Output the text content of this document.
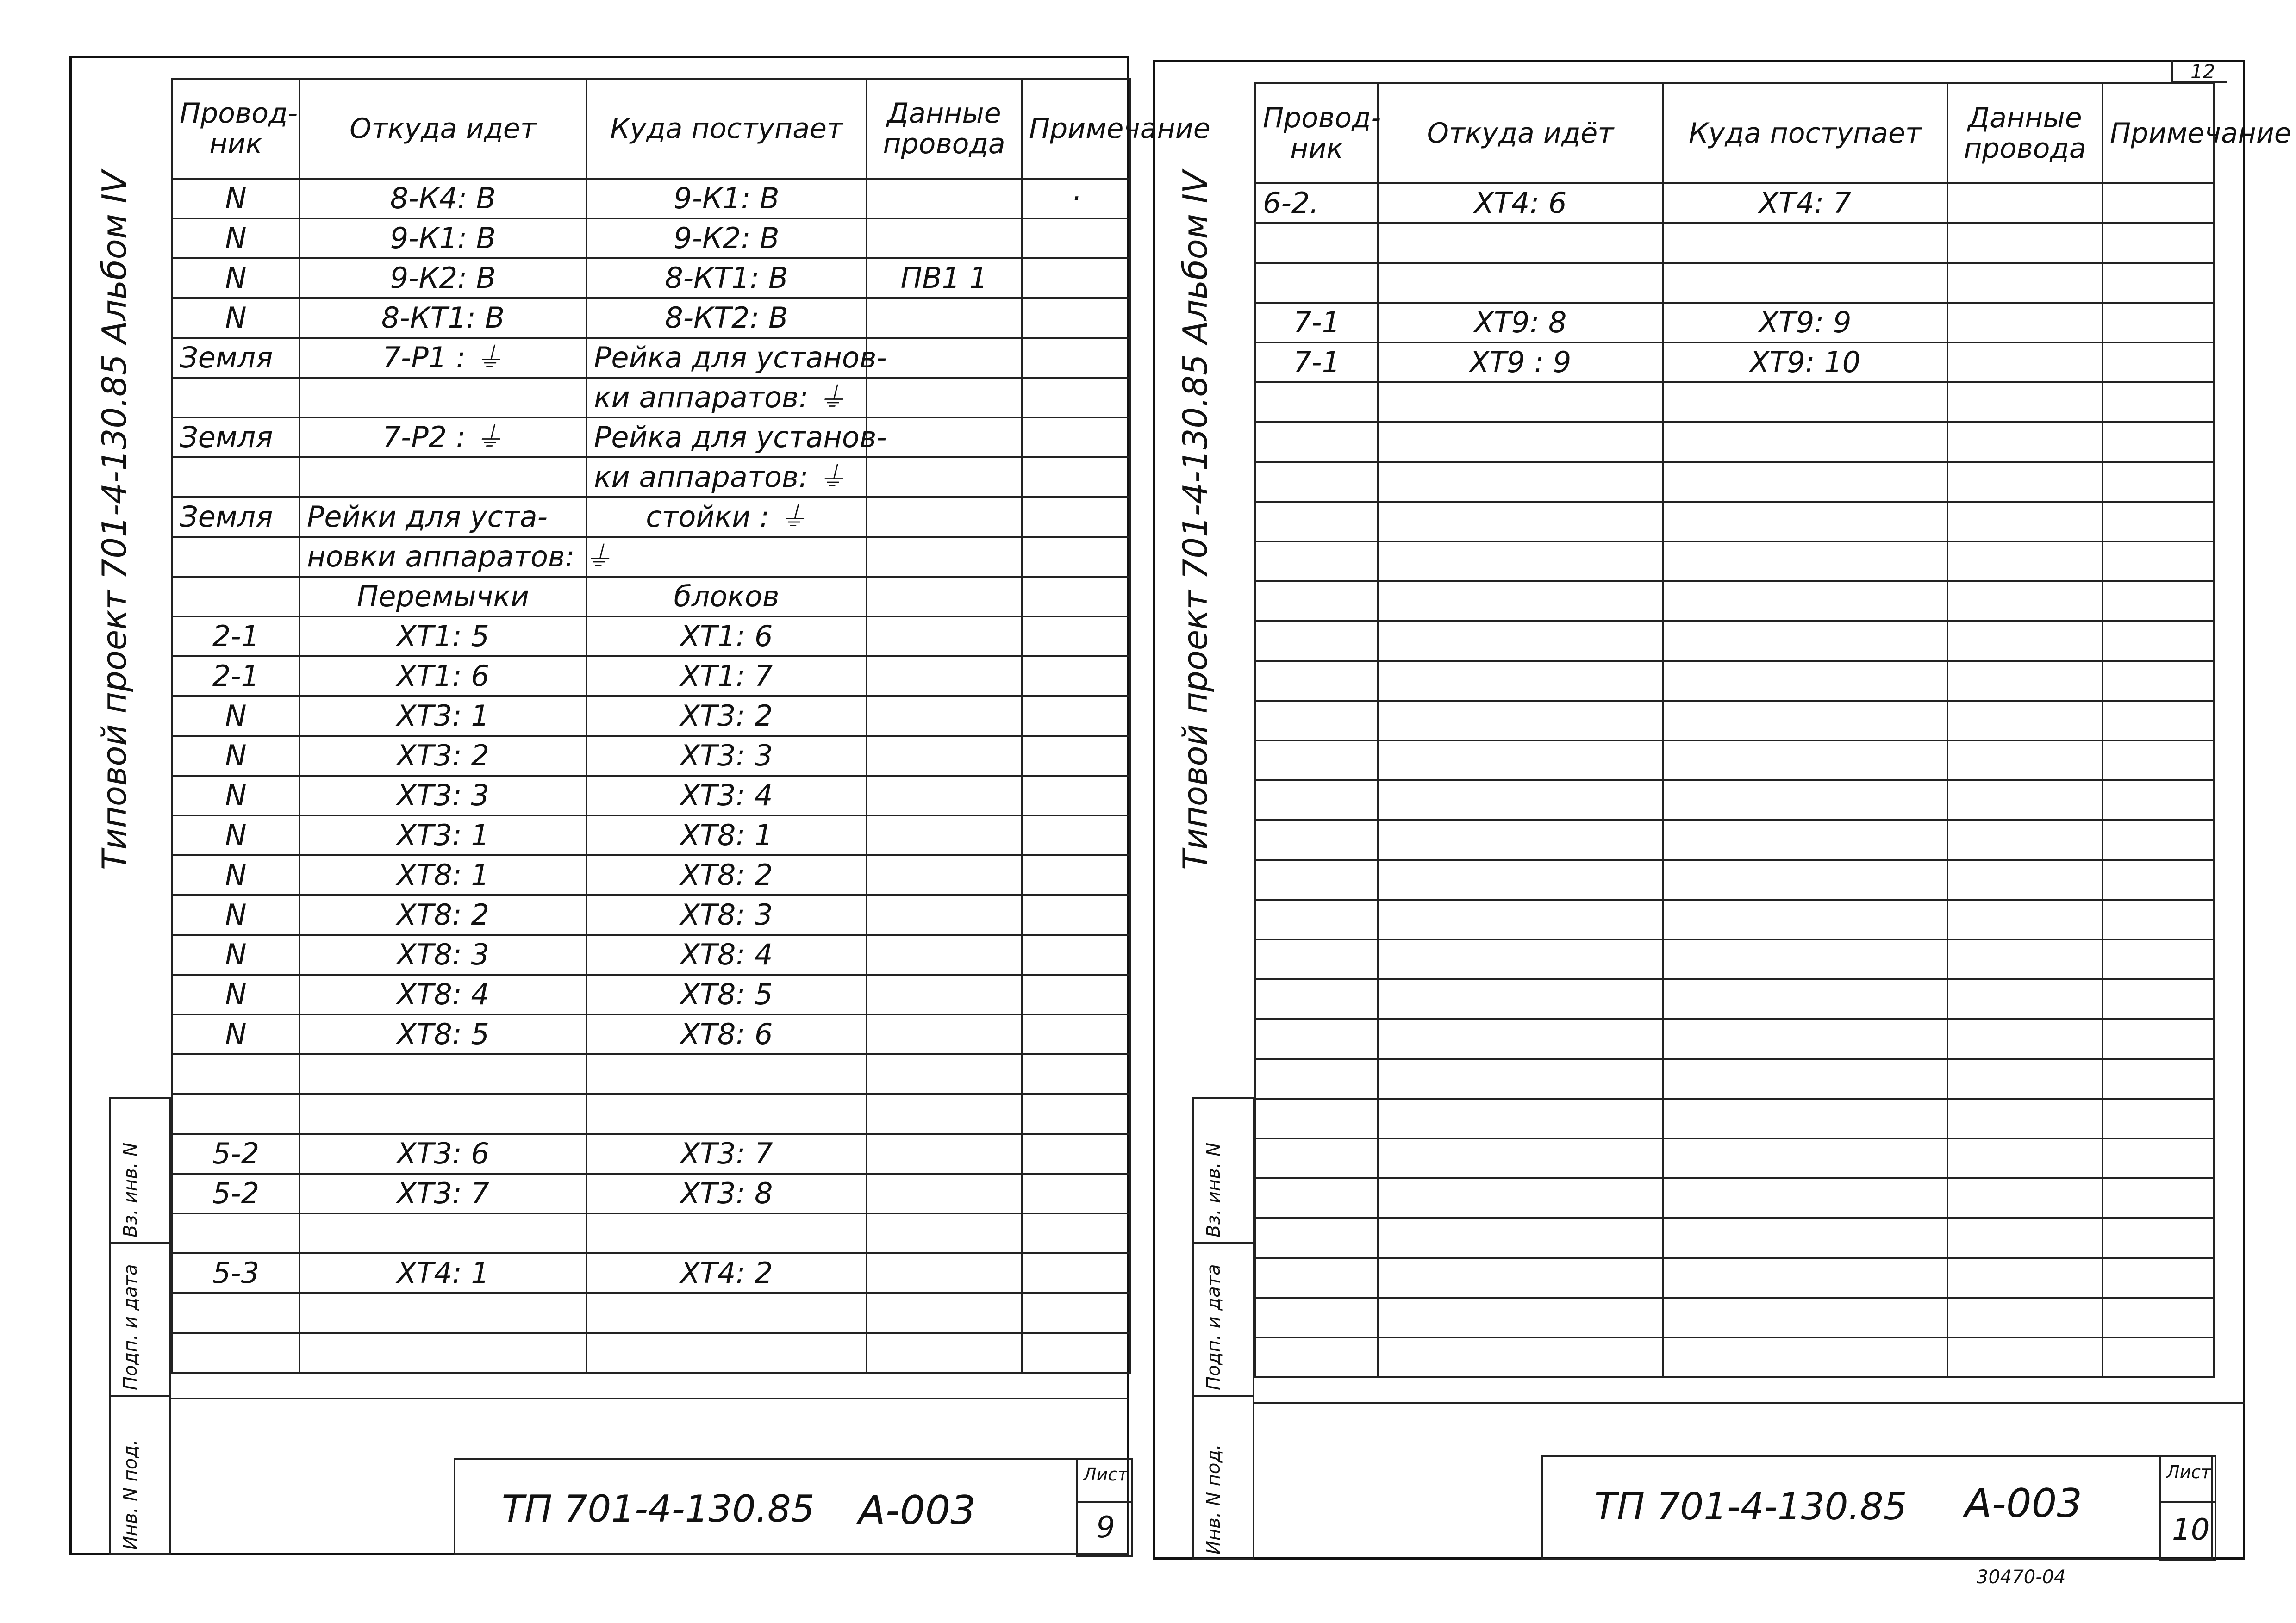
Типовой проект 701-4-130.85 Альбом IV
Инв. N под.
Подп. и дата
Вз. инв. N
Провод-ник	Откуда идет	Куда поступает	Данные провода	Примечание
N	8-К4: В	9-К1: В		·
N	9-К1: В	9-К2: В		
N	9-К2: В	8-КТ1: В	ПВ1 1	
N	8-КТ1: В	8-КТ2: В		
Земля	7-Р1 : ⏚	Рейка для установ-		
		ки аппаратов: ⏚		
Земля	7-Р2 : ⏚	Рейка для установ-		
		ки аппаратов: ⏚		
Земля	Рейки для уста-	стойки : ⏚		
	новки аппаратов: ⏚			
	Перемычки	блоков		
2-1	ХТ1: 5	ХТ1: 6		
2-1	ХТ1: 6	ХТ1: 7		
N	ХТ3: 1	ХТ3: 2		
N	ХТ3: 2	ХТ3: 3		
N	ХТ3: 3	ХТ3: 4		
N	ХТ3: 1	ХТ8: 1		
N	ХТ8: 1	ХТ8: 2		
N	ХТ8: 2	ХТ8: 3		
N	ХТ8: 3	ХТ8: 4		
N	ХТ8: 4	ХТ8: 5		
N	ХТ8: 5	ХТ8: 6		

5-2	ХТ3: 6	ХТ3: 7		
5-2	ХТ3: 7	ХТ3: 8		

5-3	ХТ4: 1	ХТ4: 2		

ТП 701-4-130.85 А-003
Лист
9
Типовой проект 701-4-130.85 Альбом IV
12
Инв. N под.
Подп. и дата
Вз. инв. N
Провод-ник	Откуда идёт	Куда поступает	Данные провода	Примечание
6-2.	ХТ4: 6	ХТ4: 7		

7-1	ХТ9: 8	ХТ9: 9		
7-1	ХТ9 : 9	ХТ9: 10		

ТП 701-4-130.85 А-003
Лист
10
30470-04
